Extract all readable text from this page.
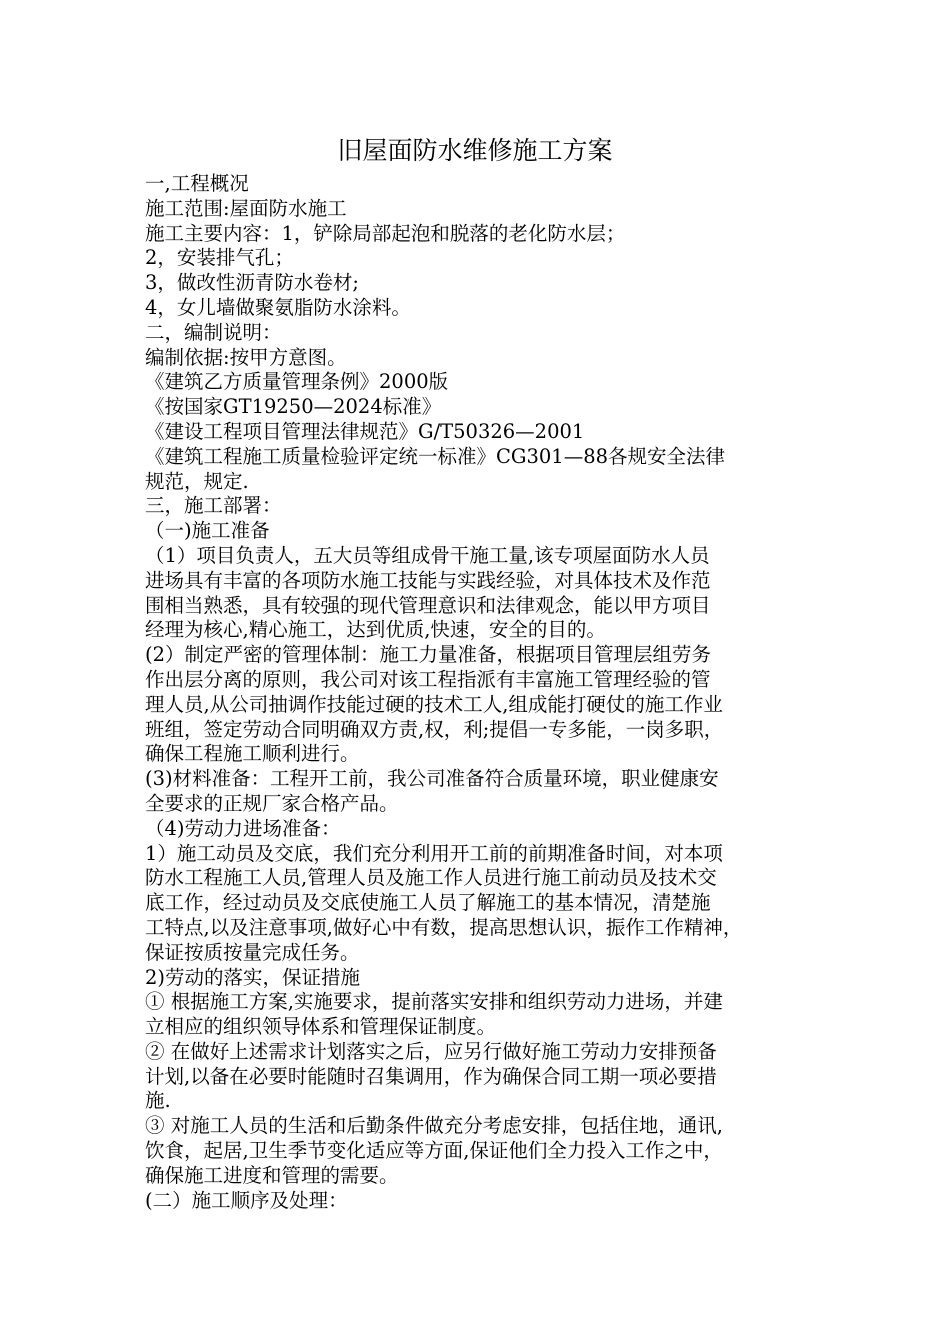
旧屋面防水维修施工方案
一,工程概况
施工范围:屋面防水施工
施工主要内容：1，铲除局部起泡和脱落的老化防水层；
2，安装排气孔；
3，做改性沥青防水卷材;
4，女儿墙做聚氨脂防水涂料。
二，编制说明：
编制依据:按甲方意图。
《建筑乙方质量管理条例》2000版
《按国家GT19250—2024标准》
《建设工程项目管理法律规范》G/T50326—2001
《建筑工程施工质量检验评定统一标准》CG301—88各规安全法律
规范，规定.
三，施工部署：
（一)施工准备
（1）项目负责人，五大员等组成骨干施工量,该专项屋面防水人员
进场具有丰富的各项防水施工技能与实践经验，对具体技术及作范
围相当熟悉，具有较强的现代管理意识和法律观念，能以甲方项目
经理为核心,精心施工，达到优质,快速，安全的目的。
(2）制定严密的管理体制：施工力量准备，根据项目管理层组劳务
作出层分离的原则，我公司对该工程指派有丰富施工管理经验的管
理人员,从公司抽调作技能过硬的技术工人,组成能打硬仗的施工作业
班组，签定劳动合同明确双方责,权，利;提倡一专多能，一岗多职，
确保工程施工顺利进行。
(3)材料准备：工程开工前，我公司准备符合质量环境，职业健康安
全要求的正规厂家合格产品。
（4)劳动力进场准备：
1）施工动员及交底，我们充分利用开工前的前期准备时间，对本项
防水工程施工人员,管理人员及施工作人员进行施工前动员及技术交
底工作，经过动员及交底使施工人员了解施工的基本情况，清楚施
工特点,以及注意事项,做好心中有数，提高思想认识，振作工作精神，
保证按质按量完成任务。
2)劳动的落实，保证措施
① 根据施工方案,实施要求，提前落实安排和组织劳动力进场，并建
立相应的组织领导体系和管理保证制度。
② 在做好上述需求计划落实之后，应另行做好施工劳动力安排预备
计划,以备在必要时能随时召集调用，作为确保合同工期一项必要措
施.
③ 对施工人员的生活和后勤条件做充分考虑安排，包括住地，通讯,
饮食，起居,卫生季节变化适应等方面,保证他们全力投入工作之中，
确保施工进度和管理的需要。
(二）施工顺序及处理：
